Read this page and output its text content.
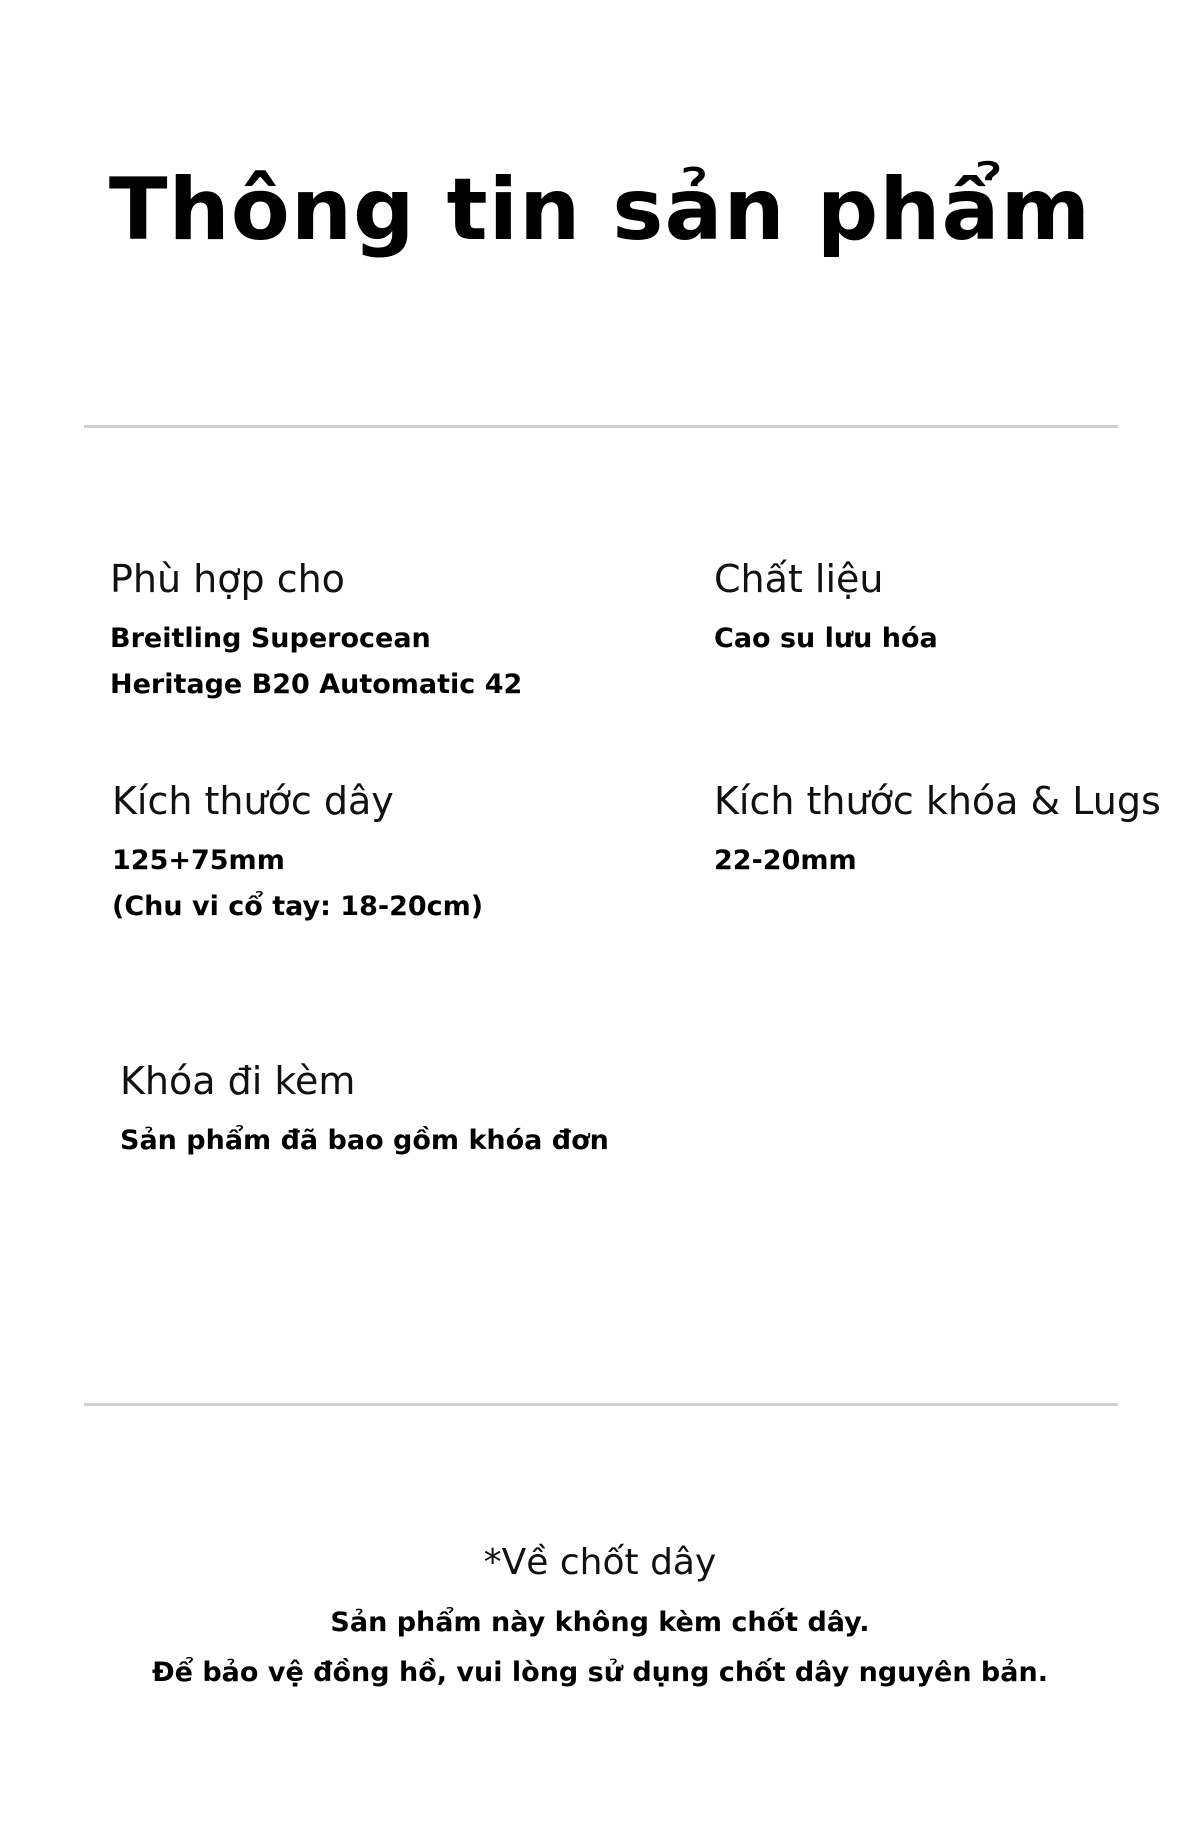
Thông tin sản phẩm
Phù hợp cho
Breitling Superocean
Heritage B20 Automatic 42
Chất liệu
Cao su lưu hóa
Kích thước dây
125+75mm
(Chu vi cổ tay: 18-20cm)
Kích thước khóa & Lugs
22-20mm
Khóa đi kèm
Sản phẩm đã bao gồm khóa đơn
*Về chốt dây
Sản phẩm này không kèm chốt dây.
Để bảo vệ đồng hồ, vui lòng sử dụng chốt dây nguyên bản.
